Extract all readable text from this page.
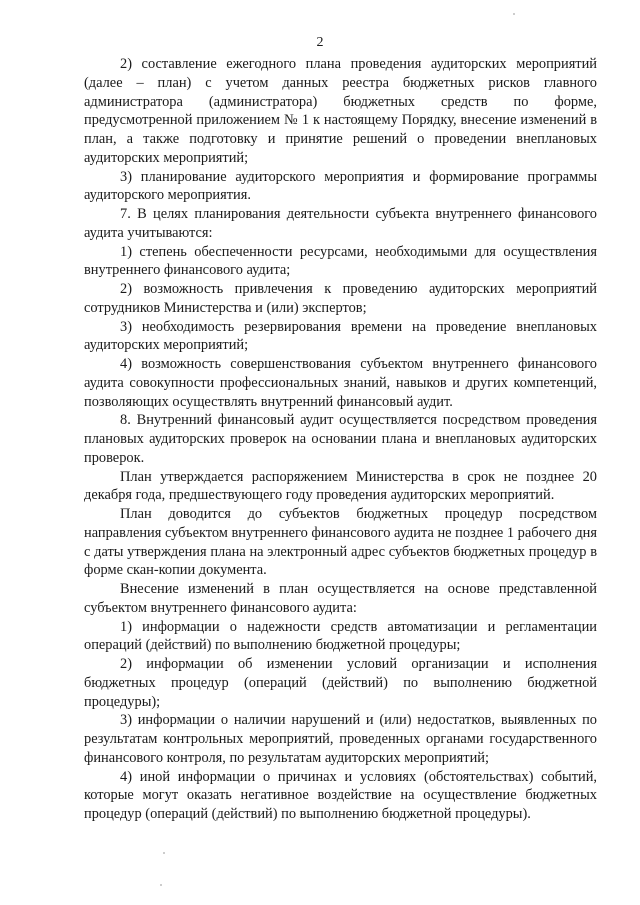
2

2) составление ежегодного плана проведения аудиторских мероприятий (далее – план) с учетом данных реестра бюджетных рисков главного администратора (администратора) бюджетных средств по форме, предусмотренной приложением № 1 к настоящему Порядку, внесение изменений в план, а также подготовку и принятие решений о проведении внеплановых аудиторских мероприятий;

3) планирование аудиторского мероприятия и формирование программы аудиторского мероприятия.

7. В целях планирования деятельности субъекта внутреннего финансового аудита учитываются:

1) степень обеспеченности ресурсами, необходимыми для осуществления внутреннего финансового аудита;

2) возможность привлечения к проведению аудиторских мероприятий сотрудников Министерства и (или) экспертов;

3) необходимость резервирования времени на проведение внеплановых аудиторских мероприятий;

4) возможность совершенствования субъектом внутреннего финансового аудита совокупности профессиональных знаний, навыков и других компетенций, позволяющих осуществлять внутренний финансовый аудит.

8. Внутренний финансовый аудит осуществляется посредством проведения плановых аудиторских проверок на основании плана и внеплановых аудиторских проверок.

План утверждается распоряжением Министерства в срок не позднее 20 декабря года, предшествующего году проведения аудиторских мероприятий.

План доводится до субъектов бюджетных процедур посредством направления субъектом внутреннего финансового аудита не позднее 1 рабочего дня с даты утверждения плана на электронный адрес субъектов бюджетных процедур в форме скан-копии документа.

Внесение изменений в план осуществляется на основе представленной субъектом внутреннего финансового аудита:

1) информации о надежности средств автоматизации и регламентации операций (действий) по выполнению бюджетной процедуры;

2) информации об изменении условий организации и исполнения бюджетных процедур (операций (действий) по выполнению бюджетной процедуры);

3) информации о наличии нарушений и (или) недостатков, выявленных по результатам контрольных мероприятий, проведенных органами государственного финансового контроля, по результатам аудиторских мероприятий;

4) иной информации о причинах и условиях (обстоятельствах) событий, которые могут оказать негативное воздействие на осуществление бюджетных процедур (операций (действий) по выполнению бюджетной процедуры).
